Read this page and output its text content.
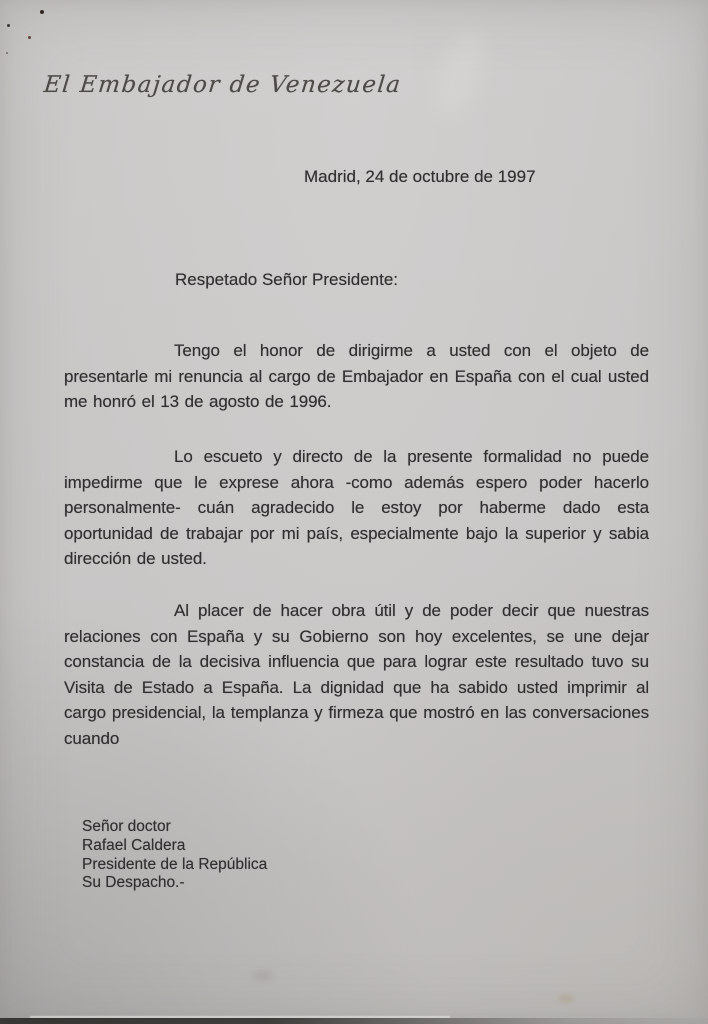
El Embajador de Venezuela
Madrid, 24 de octubre de 1997
Respetado Señor Presidente:

Tengo el honor de dirigirme a usted con el objeto de presentarle mi renuncia al cargo de Embajador en España con el cual usted me honró el 13 de agosto de 1996.

Lo escueto y directo de la presente formalidad no puede impedirme que le exprese ahora -como además espero poder hacerlo personalmente- cuán agradecido le estoy por haberme dado esta oportunidad de trabajar por mi país, especialmente bajo la superior y sabia dirección de usted.

Al placer de hacer obra útil y de poder decir que nuestras relaciones con España y su Gobierno son hoy excelentes, se une dejar constancia de la decisiva influencia que para lograr este resultado tuvo su Visita de Estado a España. La dignidad que ha sabido usted imprimir al cargo presidencial, la templanza y firmeza que mostró en las conversaciones cuando

Señor doctor
Rafael Caldera
Presidente de la República
Su Despacho.-
